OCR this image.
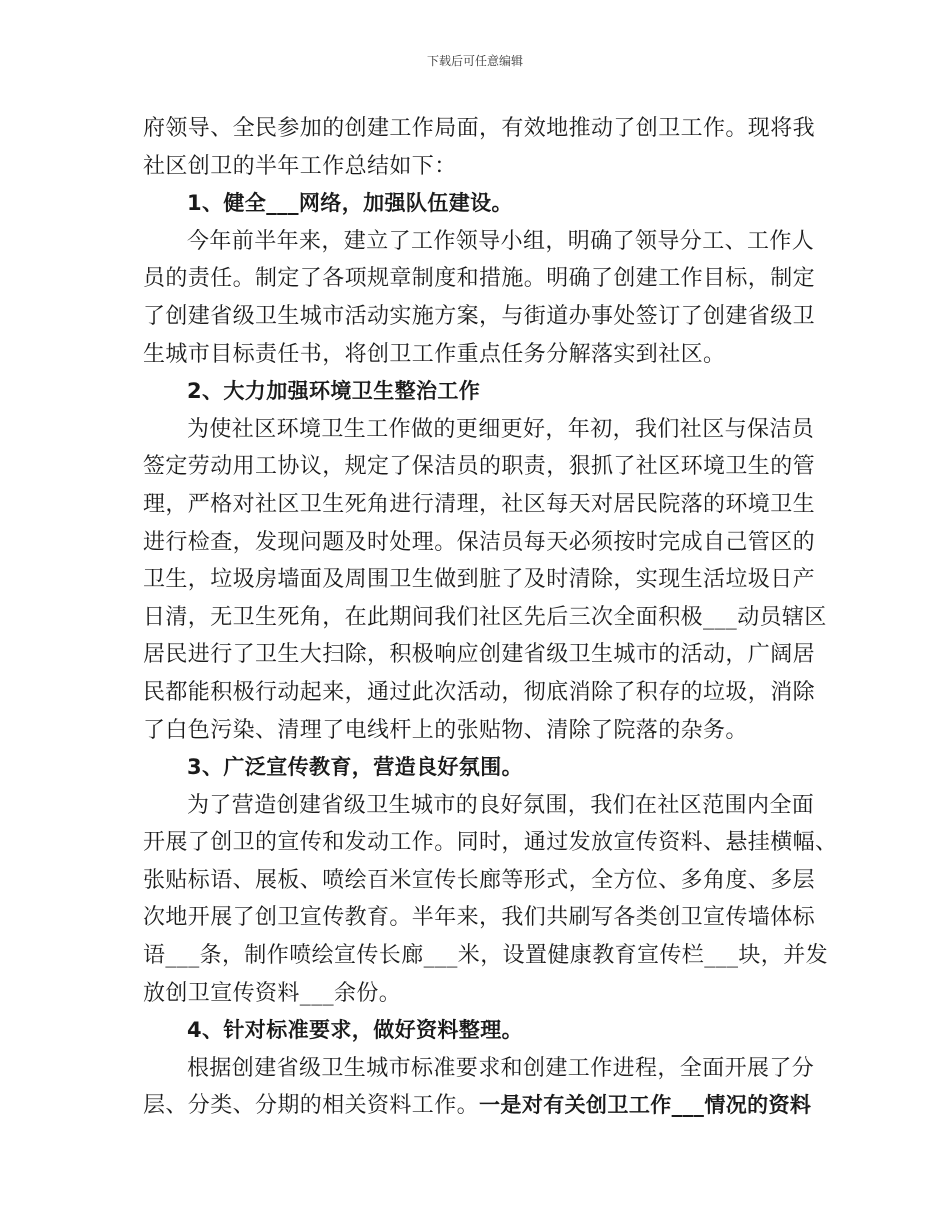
下载后可任意编辑
府领导、全民参加的创建工作局面，有效地推动了创卫工作。现将我
社区创卫的半年工作总结如下：
1、健全___网络，加强队伍建设。
今年前半年来，建立了工作领导小组，明确了领导分工、工作人
员的责任。制定了各项规章制度和措施。明确了创建工作目标，制定
了创建省级卫生城市活动实施方案，与街道办事处签订了创建省级卫
生城市目标责任书，将创卫工作重点任务分解落实到社区。
2、大力加强环境卫生整治工作
为使社区环境卫生工作做的更细更好，年初，我们社区与保洁员
签定劳动用工协议，规定了保洁员的职责，狠抓了社区环境卫生的管
理，严格对社区卫生死角进行清理，社区每天对居民院落的环境卫生
进行检查，发现问题及时处理。保洁员每天必须按时完成自己管区的
卫生，垃圾房墙面及周围卫生做到脏了及时清除，实现生活垃圾日产
日清，无卫生死角，在此期间我们社区先后三次全面积极___动员辖区
居民进行了卫生大扫除，积极响应创建省级卫生城市的活动，广阔居
民都能积极行动起来，通过此次活动，彻底消除了积存的垃圾，消除
了白色污染、清理了电线杆上的张贴物、清除了院落的杂务。
3、广泛宣传教育，营造良好氛围。
为了营造创建省级卫生城市的良好氛围，我们在社区范围内全面
开展了创卫的宣传和发动工作。同时，通过发放宣传资料、悬挂横幅、
张贴标语、展板、喷绘百米宣传长廊等形式，全方位、多角度、多层
次地开展了创卫宣传教育。半年来，我们共刷写各类创卫宣传墙体标
语___条，制作喷绘宣传长廊___米，设置健康教育宣传栏___块，并发
放创卫宣传资料___余份。
4、针对标准要求，做好资料整理。
根据创建省级卫生城市标准要求和创建工作进程，全面开展了分
层、分类、分期的相关资料工作。一是对有关创卫工作___情况的资料
